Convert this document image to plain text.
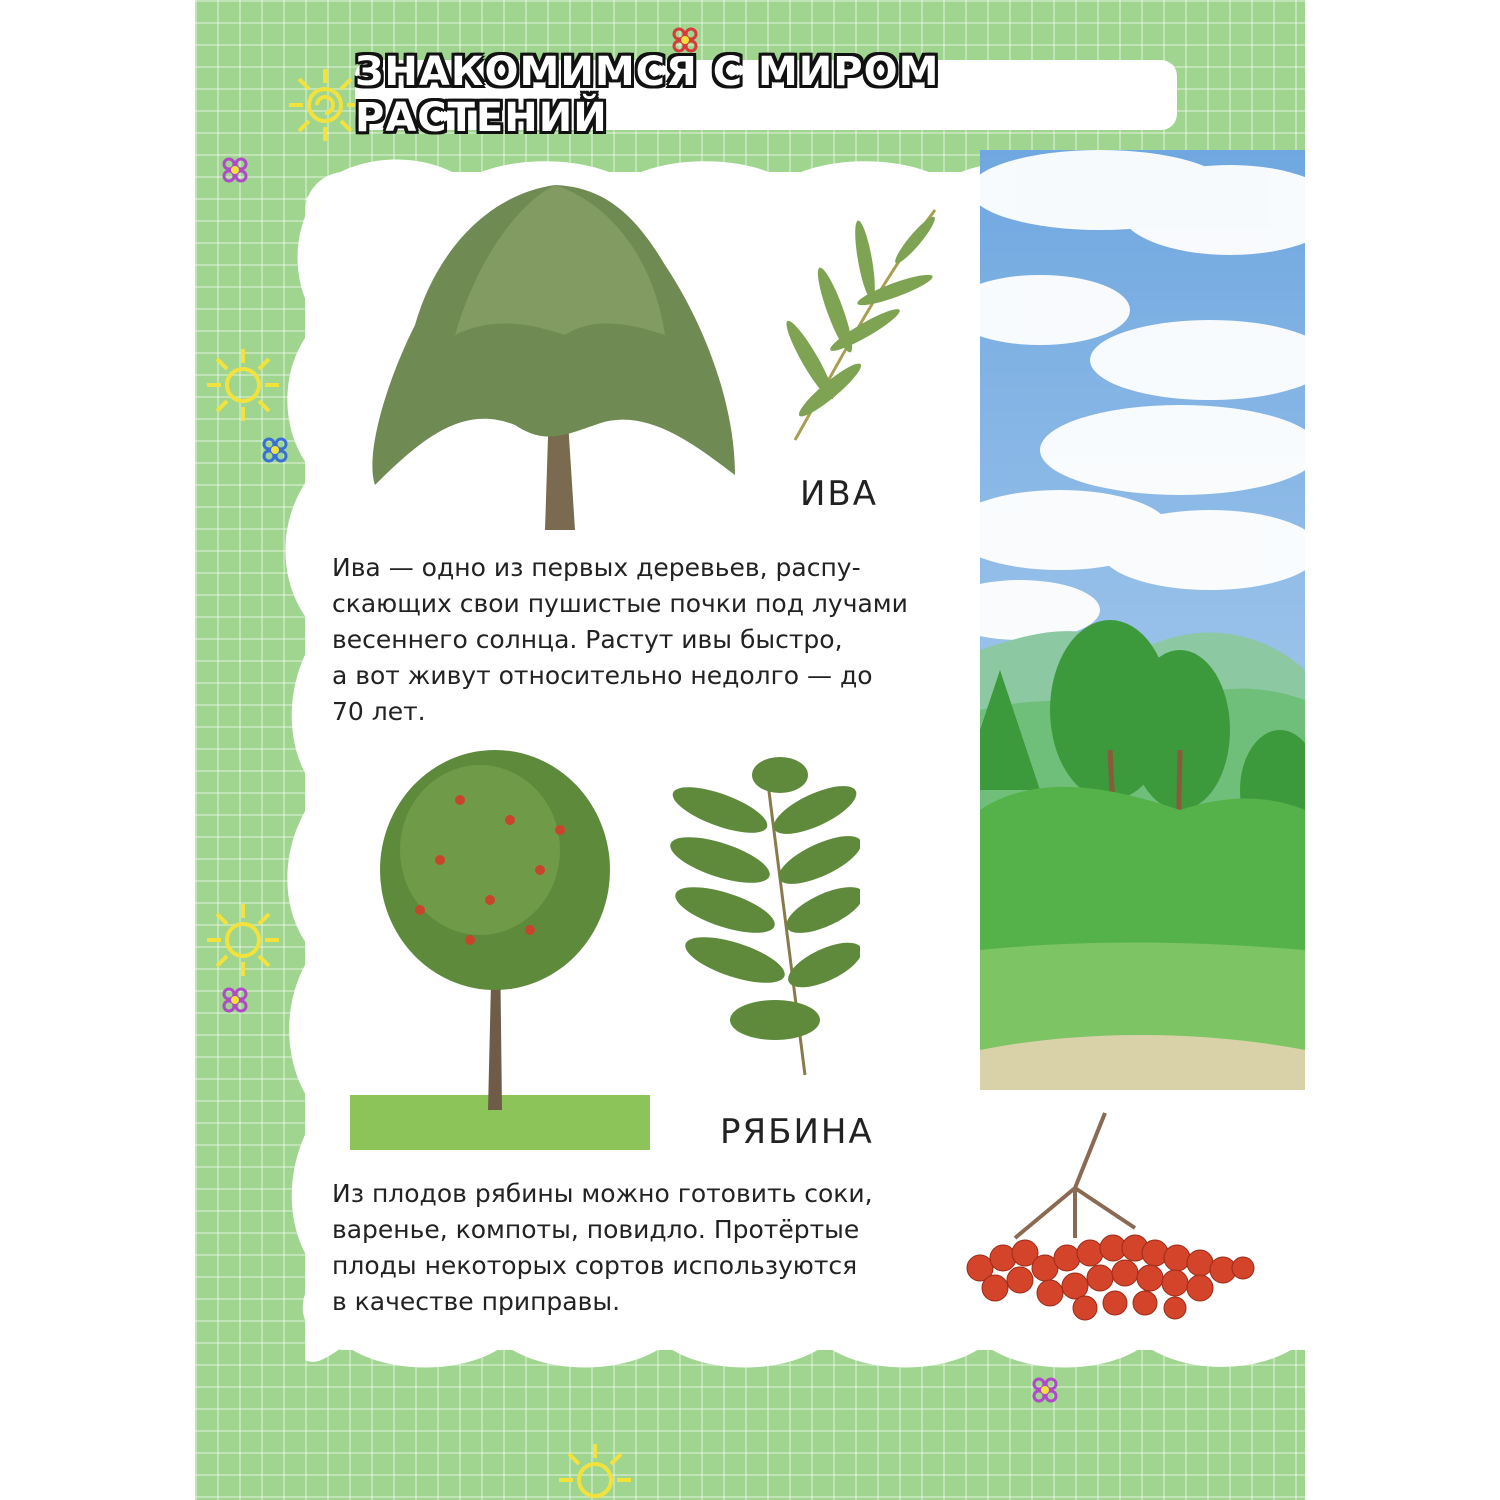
ЗНАКОМИМСЯ С МИРОМ РАСТЕНИЙ
ИВА
Ива — одно из первых деревьев, распу-
скающих свои пушистые почки под лучами
весеннего солнца. Растут ивы быстро,
а вот живут относительно недолго — до
70 лет.
РЯБИНА
Из плодов рябины можно готовить соки,
варенье, компоты, повидло. Протёртые
плоды некоторых сортов используются
в качестве приправы.
